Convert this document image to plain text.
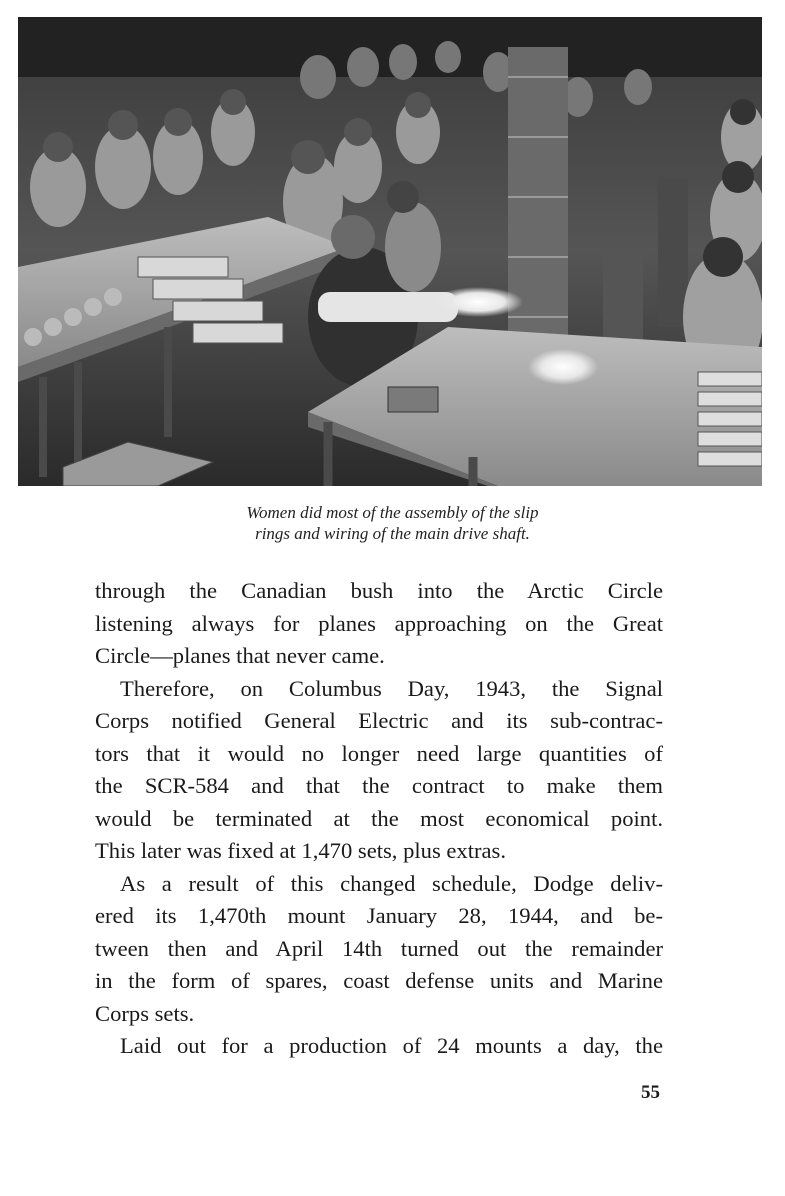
Women did most of the assembly of the slip
rings and wiring of the main drive shaft.
through the Canadian bush into the Arctic Circle
listening always for planes approaching on the Great
Circle—planes that never came.
Therefore, on Columbus Day, 1943, the Signal
Corps notified General Electric and its sub-contrac-
tors that it would no longer need large quantities of
the SCR-584 and that the contract to make them
would be terminated at the most economical point.
This later was fixed at 1,470 sets, plus extras.
As a result of this changed schedule, Dodge deliv-
ered its 1,470th mount January 28, 1944, and be-
tween then and April 14th turned out the remainder
in the form of spares, coast defense units and Marine
Corps sets.
Laid out for a production of 24 mounts a day, the
55
